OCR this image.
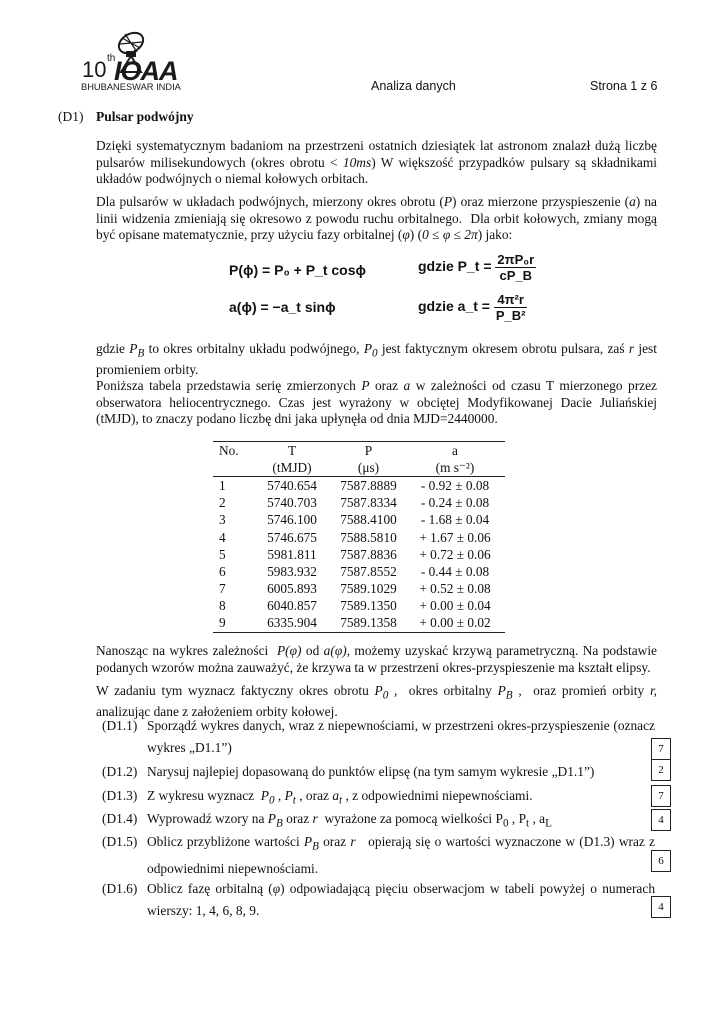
10 th
IOAA
BHUBANESWAR INDIA	Analiza danych	Strona 1 z 6
(D1) Pulsar podwójny
Dzięki systematycznym badaniom na przestrzeni ostatnich dziesiątek lat astronom znalazł dużą liczbę pulsarów milisekundowych (okres obrotu < 10ms) W większość przypadków pulsary są składnikami układów podwójnych o niemal kołowych orbitach.
Dla pulsarów w układach podwójnych, mierzony okres obrotu (P) oraz mierzone przyspieszenie (a) na linii widzenia zmieniają się okresowo z powodu ruchu orbitalnego.  Dla orbit kołowych, zmiany mogą być opisane matematycznie, przy użyciu fazy orbitalnej (φ) (0 ≤ φ ≤ 2π) jako:
P(ϕ) = P₀ + P_t cosϕ
a(ϕ) = −a_t sinϕ
gdzie P_t = $\frac{\text{2πP₀r}}{cP\_B}$
gdzie a_t = $\frac{\text{4π²r}}{\text{P\_B²}}$
gdzie $P_B$ to okres orbitalny układu podwójnego, $P_0$ jest faktycznym okresem obrotu pulsara, zaś r jest promieniem orbity.
Poniższa tabela przedstawia serię zmierzonych P oraz a w zależności od czasu T mierzonego przez obserwatora heliocentrycznego. Czas jest wyrażony w obciętej Modyfikowanej Dacie Juliańskiej (tMJD), to znaczy podano liczbę dni jaka upłynęła od dnia MJD=2440000.
No.	T	P	a
	(tMJD)	(μs)	(m s⁻²)
1	5740.654	7587.8889	- 0.92 ± 0.08
2	5740.703	7587.8334	- 0.24 ± 0.08
3	5746.100	7588.4100	- 1.68 ± 0.04
4	5746.675	7588.5810	+ 1.67 ± 0.06
5	5981.811	7587.8836	+ 0.72 ± 0.06
6	5983.932	7587.8552	- 0.44 ± 0.08
7	6005.893	7589.1029	+ 0.52 ± 0.08
8	6040.857	7589.1350	+ 0.00 ± 0.04
9	6335.904	7589.1358	+ 0.00 ± 0.02
Nanosząc na wykres zależności  P(φ) od a(φ), możemy uzyskać krzywą parametryczną. Na podstawie podanych wzorów można zauważyć, że krzywa ta w przestrzeni okres-przyspieszenie ma kształt elipsy.
W zadaniu tym wyznacz faktyczny okres obrotu $P_0$ ,  okres orbitalny $P_B$ ,  oraz promień orbity r, analizując dane z założeniem orbity kołowej.
(D1.1) Sporządź wykres danych, wraz z niepewnościami, w przestrzeni okres-przyspieszenie (oznacz wykres „D1.1”)	7
(D1.2) Narysuj najlepiej dopasowaną do punktów elipsę (na tym samym wykresie „D1.1”)	2
(D1.3) Z wykresu wyznacz  $P_0$ , $P_t$ , oraz $a_t$ , z odpowiednimi niepewnościami.	7
(D1.4) Wyprowadź wzory na $P_B$ oraz r  wyrażone za pomocą wielkości $P_0$ , $P_t$ , $a_L$	4
(D1.5) Oblicz przybliżone wartości $P_B$ oraz r   opierają się o wartości wyznaczone w (D1.3) wraz z odpowiednimi niepewnościami.	6
(D1.6) Oblicz fazę orbitalną (φ) odpowiadającą pięciu obserwacjom w tabeli powyżej o numerach wierszy: 1, 4, 6, 8, 9.	4
